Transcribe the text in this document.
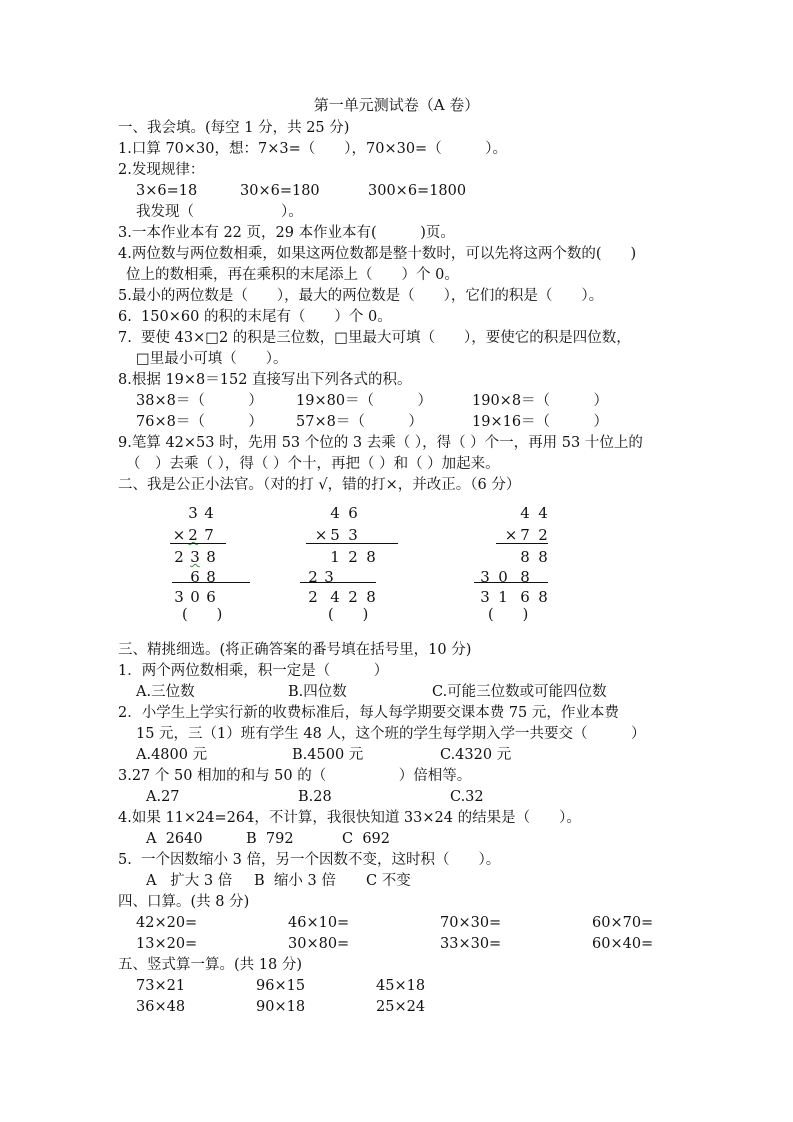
第一单元测试卷（A 卷）
一、我会填。(每空 1 分，共 25 分)
1.口算 70×30，想：7×3=（　　），70×30=（　　　）。
2.发现规律：
3×6=18	30×6=180	300×6=1800
我发现（　　　　　　）。
3.一本作业本有 22 页，29 本作业本有(　　　)页。
4.两位数与两位数相乘，如果这两位数都是整十数时，可以先将这两个数的(　　)
位上的数相乘，再在乘积的末尾添上（　　）个 0。
5.最小的两位数是（　　），最大的两位数是（　　），它们的积是（　　）。
6.  150×60 的积的末尾有（　　）个 0。
7.  要使 43×□2 的积是三位数，□里最大可填（　　），要使它的积是四位数，
□里最小可填（　　）。
8.根据 19×8＝152 直接写出下列各式的积。
38×8＝（　　　） 19×80＝（　　　）	190×8＝（　　　）
76×8＝（　　　） 57×8＝（　　　）	19×16＝（　　　）
9.笔算 42×53 时，先用 53 个位的 3 去乘（ ），得（ ）个一，再用 53 十位上的
（　）去乘（ ），得（ ）个十，再把（ ）和（ ）加起来。
二、我是公正小法官。（对的打 √，错的打×，并改正。（6 分）
3 4
× 2 7
2 3 8
6 8
3 0 6
(　　)
4 6
× 5 3
1 2 8
2 3
2 4 2 8
(　　)
4 4
× 7 2
8 8
3 0 8
3 1 6 8
(　　)
三、精挑细选。(将正确答案的番号填在括号里，10 分)
1．两个两位数相乘，积一定是（　　　）
A.三位数	B.四位数	C.可能三位数或可能四位数
2．小学生上学实行新的收费标准后，每人每学期要交课本费 75 元，作业本费
15 元，三（1）班有学生 48 人，这个班的学生每学期入学一共要交（　　　）
A.4800 元	B.4500 元	C.4320 元
3.27 个 50 相加的和与 50 的（　　　　　）倍相等。
A.27	B.28	C.32
4.如果 11×24=264，不计算，我很快知道 33×24 的结果是（　　）。
A  2640	B  792	C  692
5.  一个因数缩小 3 倍，另一个因数不变，这时积（　　）。
A   扩大 3 倍 B  缩小 3 倍 C 不变
四、口算。(共 8 分)
42×20=	46×10=	70×30=	60×70=
13×20=	30×80=	33×30=	60×40=
五、竖式算一算。(共 18 分)
73×21	96×15	45×18
36×48	90×18	25×24
